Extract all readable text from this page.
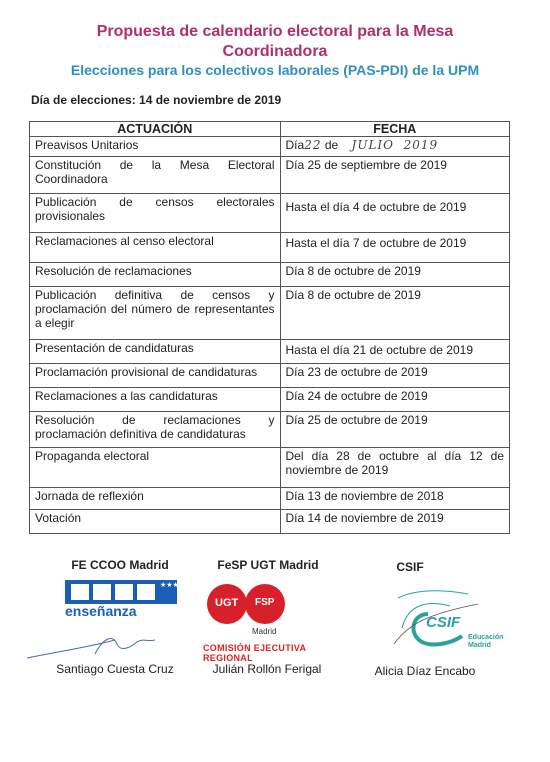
Propuesta de calendario electoral para la Mesa
Coordinadora
Elecciones para los colectivos laborales (PAS-PDI) de la UPM
Día de elecciones: 14 de noviembre de 2019
ACTUACIÓN	FECHA
Preavisos Unitarios	Día22 de JULIO  2019
Constitución de la Mesa Electoral Coordinadora	Día 25 de septiembre de 2019
Publicación de censos electorales provisionales	Hasta el día 4 de octubre de 2019
Reclamaciones al censo electoral	Hasta el día 7 de octubre de 2019
Resolución de reclamaciones	Día 8 de octubre de 2019
Publicación definitiva de censos y proclamación del número de representantes a elegir	Día 8 de octubre de 2019
Presentación de candidaturas	Hasta el día 21 de octubre de 2019
Proclamación provisional de candidaturas	Día 23 de octubre de 2019
Reclamaciones a las candidaturas	Día 24 de octubre de 2019
Resolución de reclamaciones y proclamación definitiva de candidaturas	Día 25 de octubre de 2019
Propaganda electoral	Del día 28 de octubre al día 12 de noviembre de 2019
Jornada de reflexión	Día 13 de noviembre de 2018
Votación	Día 14 de noviembre de 2019
FE CCOO Madrid
★★★★★★★
enseñanza
Santiago Cuesta Cruz
FeSP UGT Madrid
UGT FSP
Madrid
COMISIÓN EJECUTIVA REGIONAL
Julián Rollón Ferigal
CSIF
CSIF
Educación Madrid
Alicia Díaz Encabo
